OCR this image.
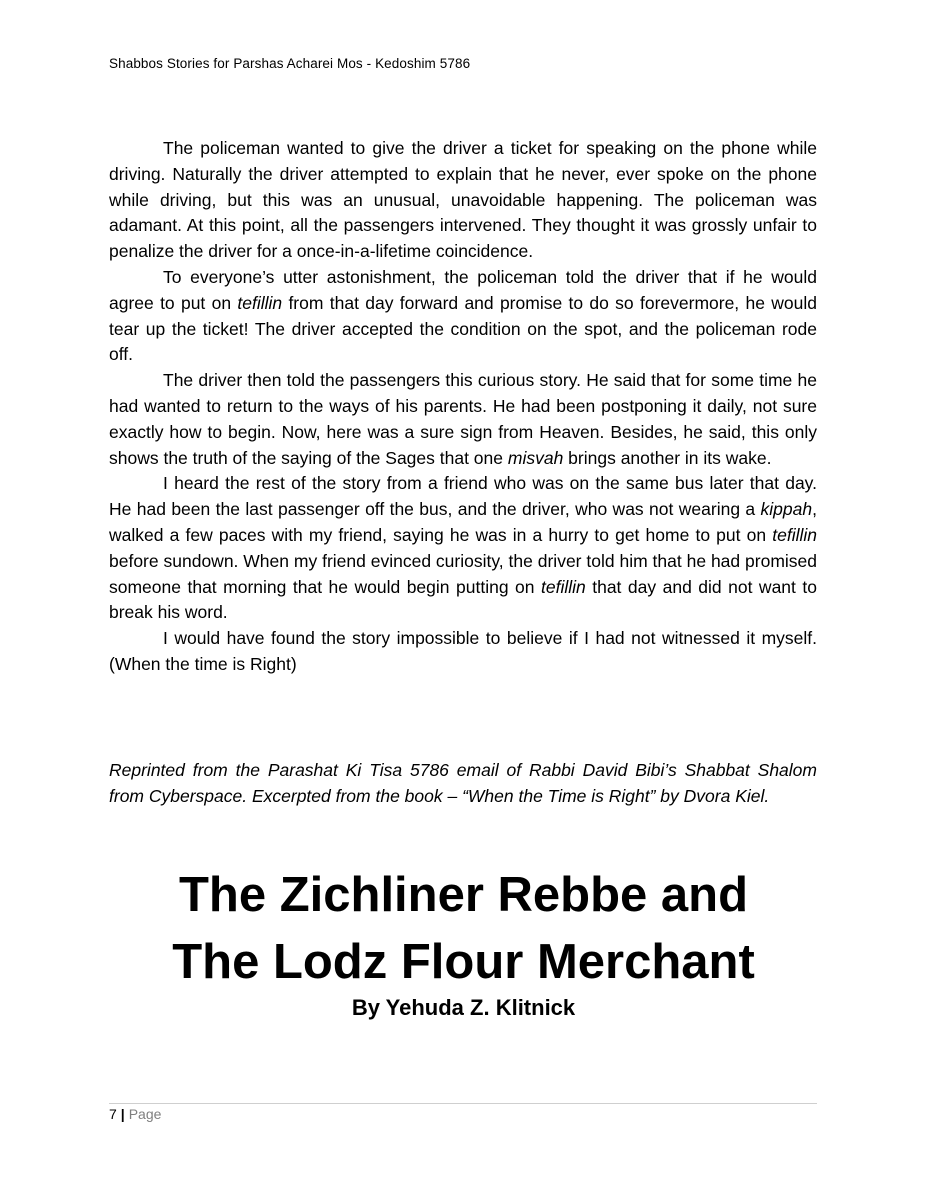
Shabbos Stories for Parshas Acharei Mos - Kedoshim 5786

The policeman wanted to give the driver a ticket for speaking on the phone while driving. Naturally the driver attempted to explain that he never, ever spoke on the phone while driving, but this was an unusual, unavoidable happening. The policeman was adamant. At this point, all the passengers intervened. They thought it was grossly unfair to penalize the driver for a once-in-a-lifetime coincidence.

To everyone’s utter astonishment, the policeman told the driver that if he would agree to put on tefillin from that day forward and promise to do so forevermore, he would tear up the ticket! The driver accepted the condition on the spot, and the policeman rode off.

The driver then told the passengers this curious story. He said that for some time he had wanted to return to the ways of his parents. He had been postponing it daily, not sure exactly how to begin. Now, here was a sure sign from Heaven. Besides, he said, this only shows the truth of the saying of the Sages that one misvah brings another in its wake.

I heard the rest of the story from a friend who was on the same bus later that day. He had been the last passenger off the bus, and the driver, who was not wearing a kippah, walked a few paces with my friend, saying he was in a hurry to get home to put on tefillin before sundown. When my friend evinced curiosity, the driver told him that he had promised someone that morning that he would begin putting on tefillin that day and did not want to break his word.

I would have found the story impossible to believe if I had not witnessed it myself. (When the time is Right)

Reprinted from the Parashat Ki Tisa 5786 email of Rabbi David Bibi’s Shabbat Shalom from Cyberspace. Excerpted from the book – “When the Time is Right” by Dvora Kiel.
The Zichliner Rebbe and
The Lodz Flour Merchant
By Yehuda Z. Klitnick
7 | Page
